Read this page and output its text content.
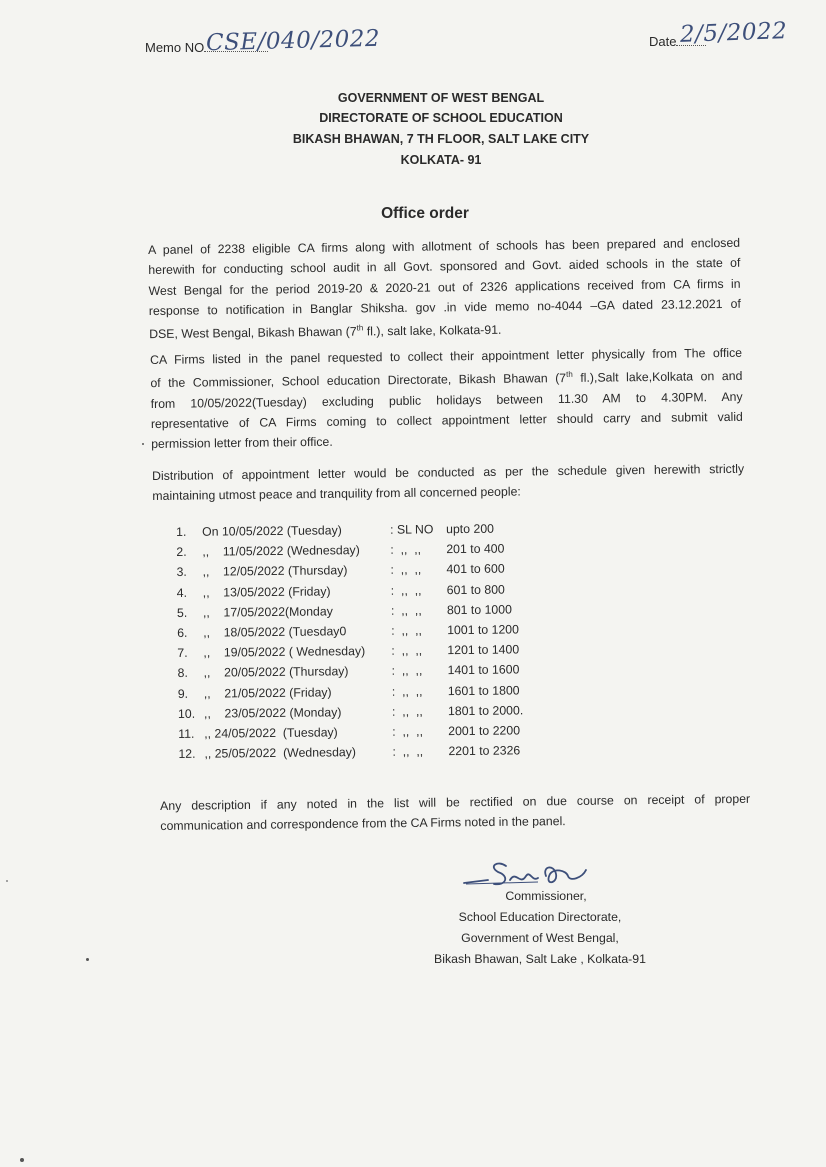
Memo NO CSE/040/2022	Date 2/5/2022
GOVERNMENT OF WEST BENGAL
DIRECTORATE OF SCHOOL EDUCATION
BIKASH BHAWAN, 7 TH FLOOR, SALT LAKE CITY
KOLKATA- 91
Office order
A panel of 2238 eligible CA firms along with allotment of schools has been prepared and enclosed
herewith for conducting school audit in all Govt. sponsored and Govt. aided schools in the state of
West Bengal for the period 2019-20 & 2020-21 out of 2326 applications received from CA firms in
response to notification in Banglar Shiksha. gov .in vide memo no-4044 –GA dated 23.12.2021 of
DSE, West Bengal, Bikash Bhawan (7th fl.), salt lake, Kolkata-91.
CA Firms listed in the panel requested to collect their appointment letter physically from The office
of the Commissioner, School education Directorate, Bikash Bhawan (7th fl.),Salt lake,Kolkata on and
from 10/05/2022(Tuesday) excluding public holidays between 11.30 AM to 4.30PM. Any
representative of CA Firms coming to collect appointment letter should carry and submit valid
permission letter from their office.
Distribution of appointment letter would be conducted as per the schedule given herewith strictly
maintaining utmost peace and tranquility from all concerned people:
1. On 10/05/2022 (Tuesday)	: SL NO upto 200
2. ,,    11/05/2022 (Wednesday) :  ,,  ,, 201 to 400
3. ,,    12/05/2022 (Thursday)	:  ,,  ,, 401 to 600
4. ,,    13/05/2022 (Friday)	:  ,,  ,, 601 to 800
5. ,,    17/05/2022(Monday	:  ,,  ,, 801 to 1000
6. ,,    18/05/2022 (Tuesday0	:  ,,  ,, 1001 to 1200
7. ,,    19/05/2022 ( Wednesday) :  ,,  ,, 1201 to 1400
8. ,,    20/05/2022 (Thursday)	:  ,,  ,, 1401 to 1600
9. ,,    21/05/2022 (Friday)	:  ,,  ,, 1601 to 1800
10. ,,    23/05/2022 (Monday)	:  ,,  ,, 1801 to 2000.
11. ,, 24/05/2022  (Tuesday)	:  ,,  ,, 2001 to 2200
12. ,, 25/05/2022  (Wednesday)	:  ,,  ,, 2201 to 2326
Any description if any noted in the list will be rectified on due course on receipt of proper
communication and correspondence from the CA Firms noted in the panel.
Commissioner,
School Education Directorate,
Government of West Bengal,
Bikash Bhawan, Salt Lake , Kolkata-91
